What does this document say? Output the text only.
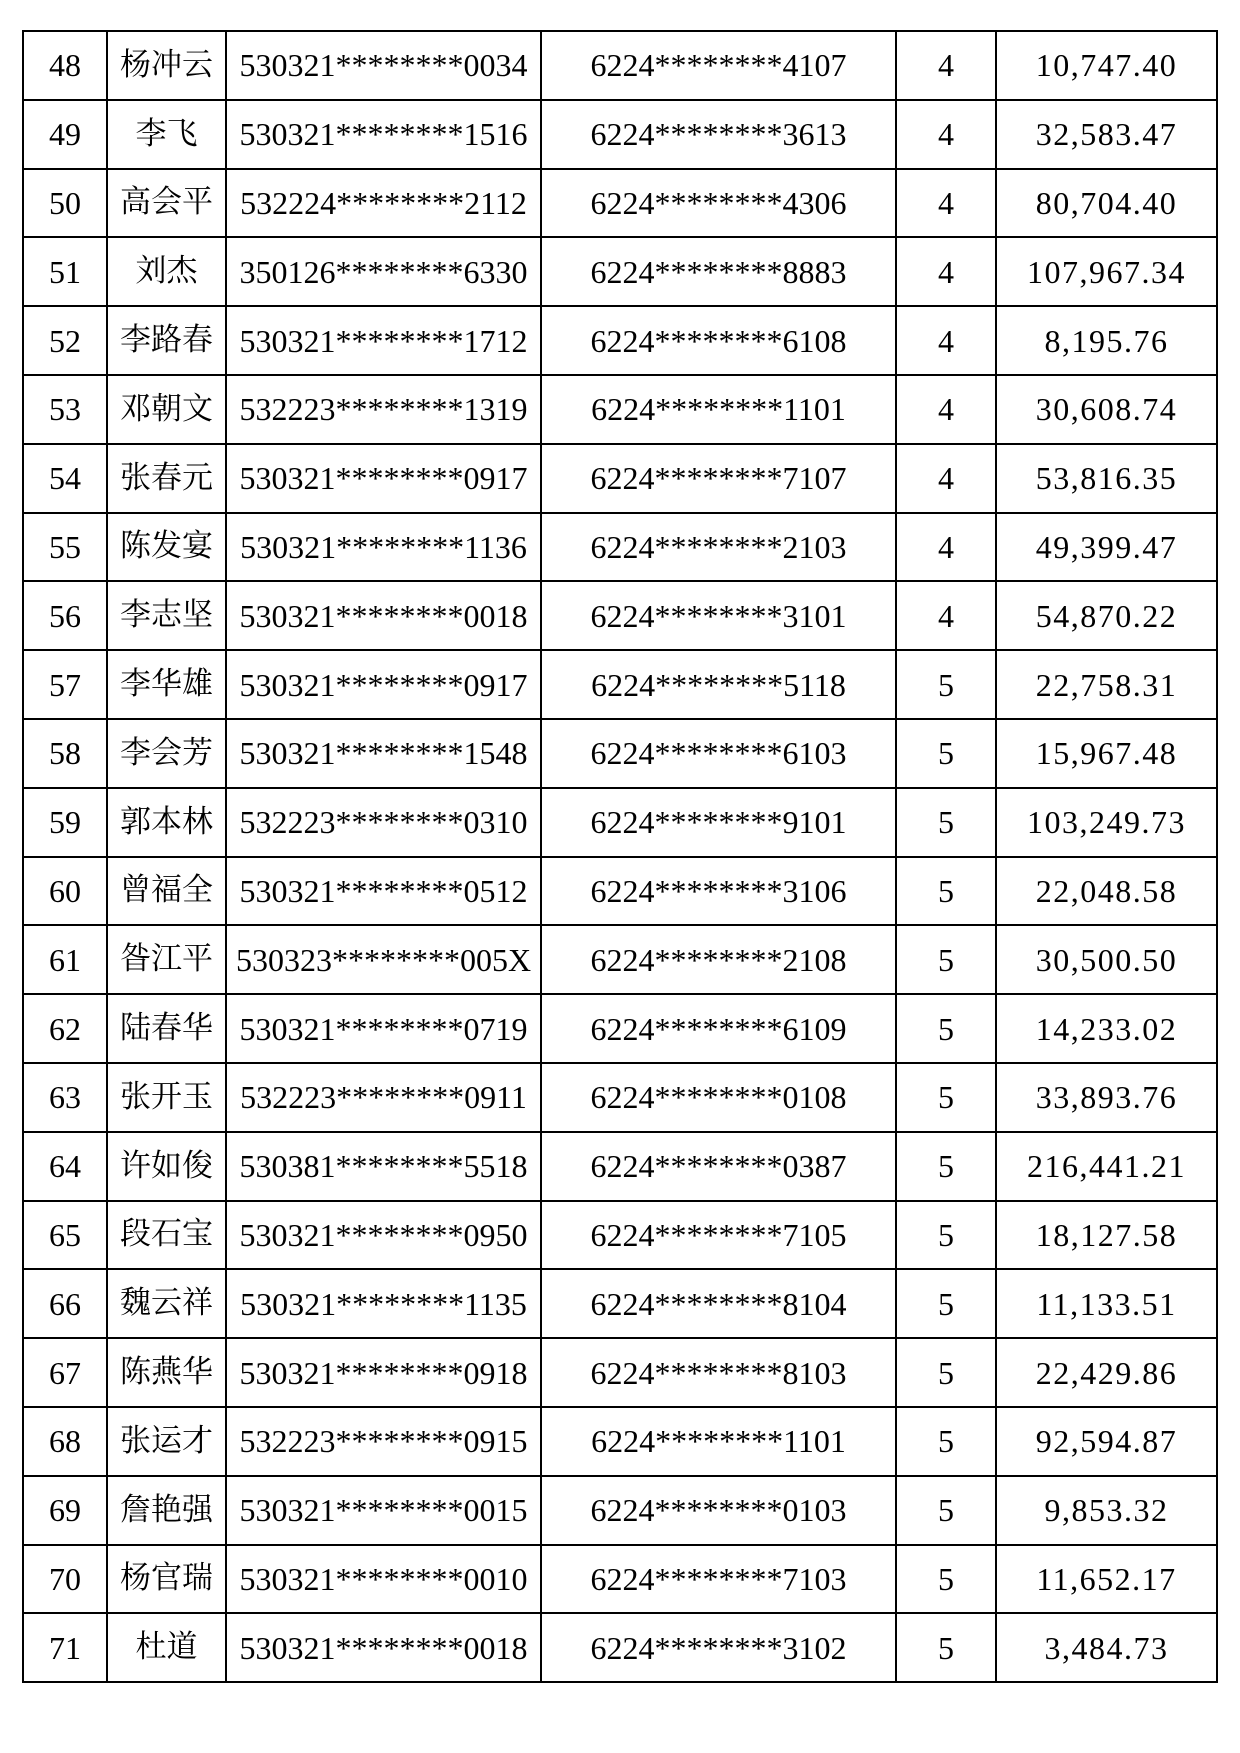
48	杨冲云	530321********0034	6224********4107	4	10,747.40
49	李飞	530321********1516	6224********3613	4	32,583.47
50	高会平	532224********2112	6224********4306	4	80,704.40
51	刘杰	350126********6330	6224********8883	4	107,967.34
52	李路春	530321********1712	6224********6108	4	8,195.76
53	邓朝文	532223********1319	6224********1101	4	30,608.74
54	张春元	530321********0917	6224********7107	4	53,816.35
55	陈发宴	530321********1136	6224********2103	4	49,399.47
56	李志坚	530321********0018	6224********3101	4	54,870.22
57	李华雄	530321********0917	6224********5118	5	22,758.31
58	李会芳	530321********1548	6224********6103	5	15,967.48
59	郭本林	532223********0310	6224********9101	5	103,249.73
60	曾福全	530321********0512	6224********3106	5	22,048.58
61	昝江平	530323********005X	6224********2108	5	30,500.50
62	陆春华	530321********0719	6224********6109	5	14,233.02
63	张开玉	532223********0911	6224********0108	5	33,893.76
64	许如俊	530381********5518	6224********0387	5	216,441.21
65	段石宝	530321********0950	6224********7105	5	18,127.58
66	魏云祥	530321********1135	6224********8104	5	11,133.51
67	陈燕华	530321********0918	6224********8103	5	22,429.86
68	张运才	532223********0915	6224********1101	5	92,594.87
69	詹艳强	530321********0015	6224********0103	5	9,853.32
70	杨官瑞	530321********0010	6224********7103	5	11,652.17
71	杜道	530321********0018	6224********3102	5	3,484.73
